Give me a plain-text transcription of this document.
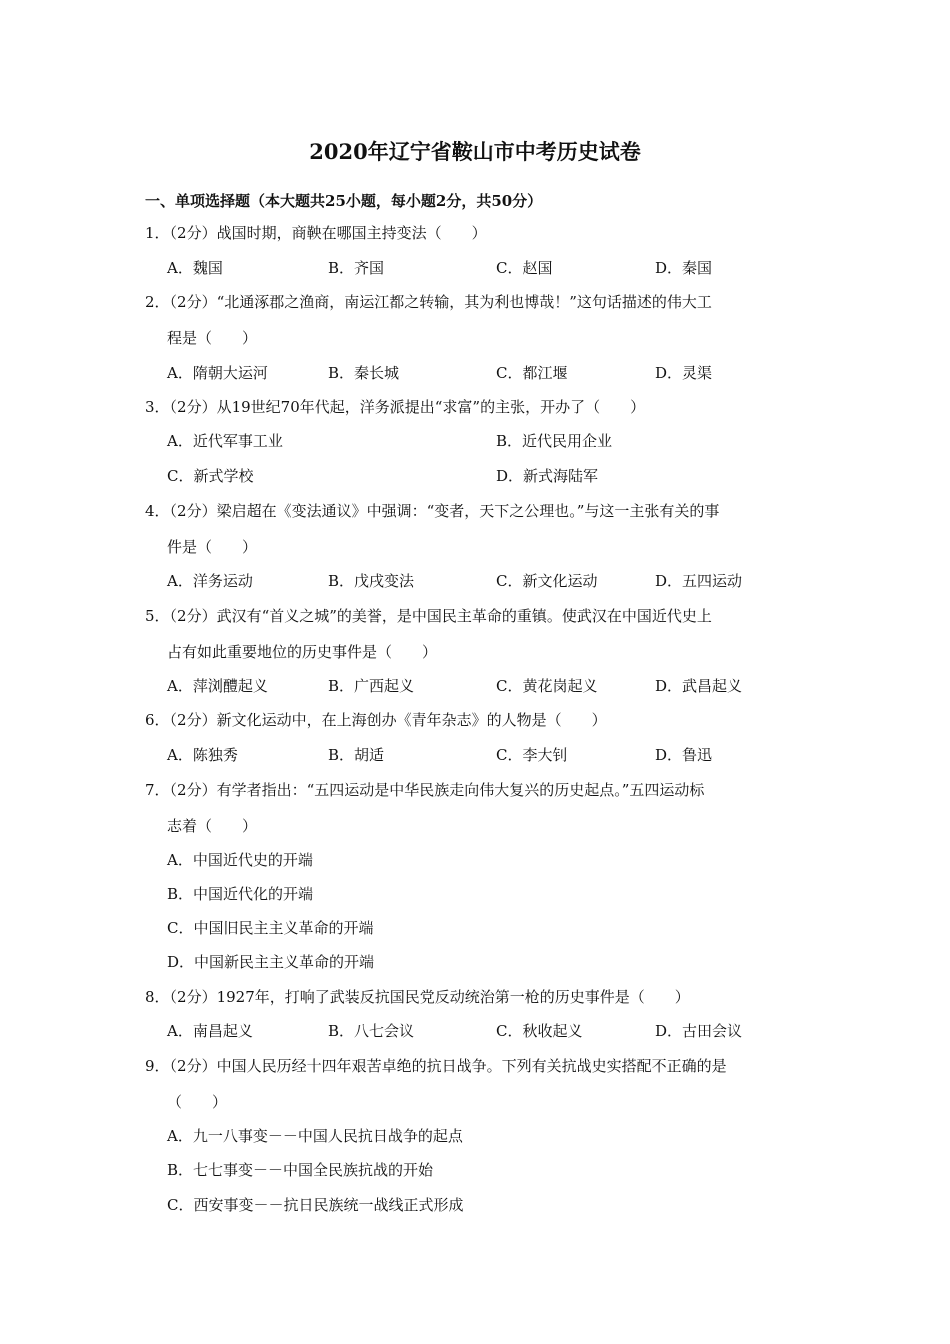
2020年辽宁省鞍山市中考历史试卷
一、单项选择题（本大题共25小题，每小题2分，共50分）
1．（2分）战国时期，商鞅在哪国主持变法（　　）
A．魏国	B．齐国	C．赵国	D．秦国
2．（2分）“北通涿郡之渔商，南运江都之转输，其为利也博哉！”这句话描述的伟大工
程是（　　）
A．隋朝大运河	B．秦长城	C．都江堰	D．灵渠
3．（2分）从19世纪70年代起，洋务派提出“求富”的主张，开办了（　　）
A．近代军事工业	B．近代民用企业
C．新式学校	D．新式海陆军
4．（2分）梁启超在《变法通议》中强调：“变者，天下之公理也。”与这一主张有关的事
件是（　　）
A．洋务运动	B．戊戌变法	C．新文化运动	D．五四运动
5．（2分）武汉有“首义之城”的美誉，是中国民主革命的重镇。使武汉在中国近代史上
占有如此重要地位的历史事件是（　　）
A．萍浏醴起义	B．广西起义	C．黄花岗起义	D．武昌起义
6．（2分）新文化运动中，在上海创办《青年杂志》的人物是（　　）
A．陈独秀	B．胡适	C．李大钊	D．鲁迅
7．（2分）有学者指出：“五四运动是中华民族走向伟大复兴的历史起点。”五四运动标
志着（　　）
A．中国近代史的开端
B．中国近代化的开端
C．中国旧民主主义革命的开端
D．中国新民主主义革命的开端
8．（2分）1927年，打响了武装反抗国民党反动统治第一枪的历史事件是（　　）
A．南昌起义	B．八七会议	C．秋收起义	D．古田会议
9．（2分）中国人民历经十四年艰苦卓绝的抗日战争。下列有关抗战史实搭配不正确的是
（　　）
A．九一八事变－－中国人民抗日战争的起点
B．七七事变－－中国全民族抗战的开始
C．西安事变－－抗日民族统一战线正式形成
